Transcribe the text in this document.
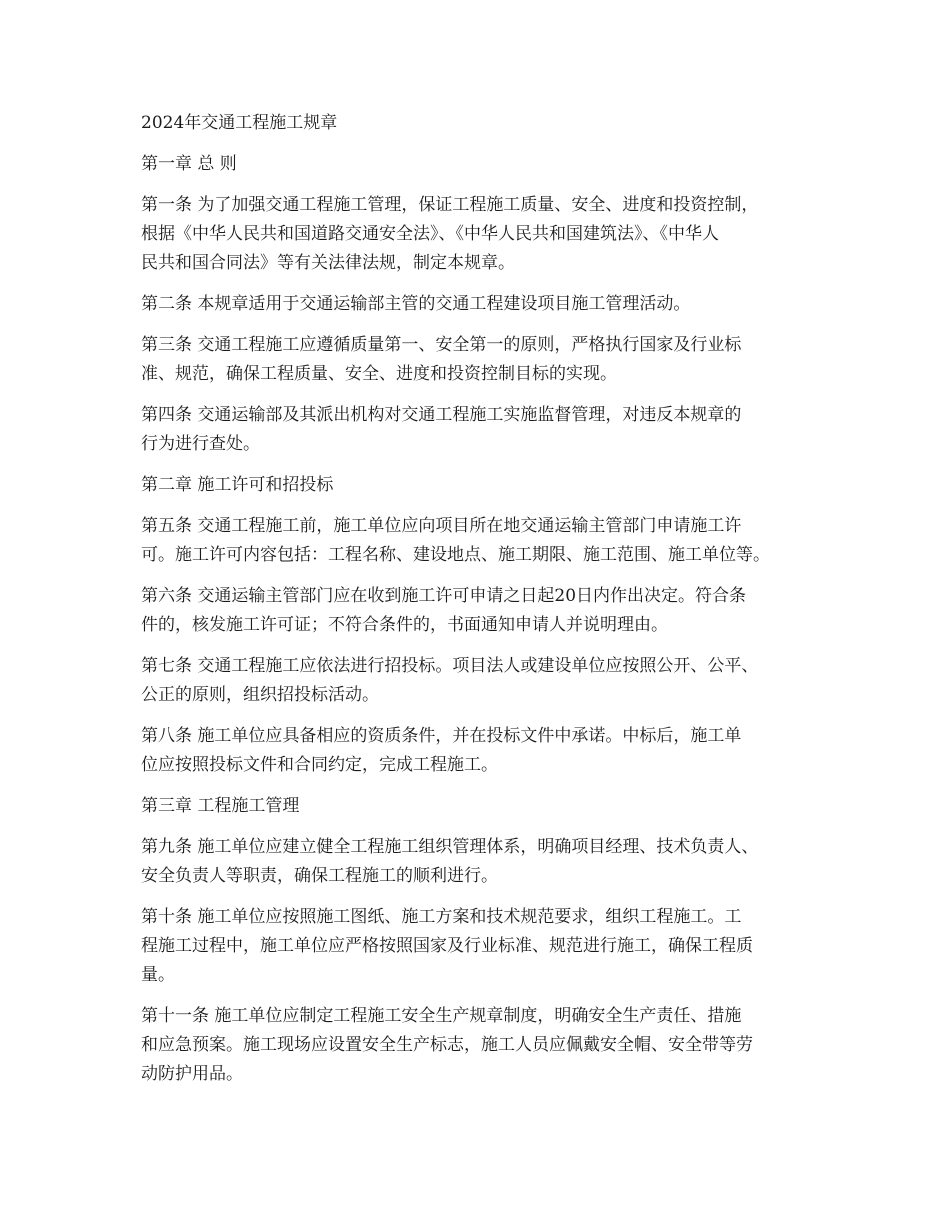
2024年交通工程施工规章

第一章 总 则

第一条 为了加强交通工程施工管理，保证工程施工质量、安全、进度和投资控制，
根据《中华人民共和国道路交通安全法》、《中华人民共和国建筑法》、《中华人
民共和国合同法》等有关法律法规，制定本规章。

第二条 本规章适用于交通运输部主管的交通工程建设项目施工管理活动。

第三条 交通工程施工应遵循质量第一、安全第一的原则，严格执行国家及行业标
准、规范，确保工程质量、安全、进度和投资控制目标的实现。

第四条 交通运输部及其派出机构对交通工程施工实施监督管理，对违反本规章的
行为进行查处。

第二章 施工许可和招投标

第五条 交通工程施工前，施工单位应向项目所在地交通运输主管部门申请施工许
可。施工许可内容包括：工程名称、建设地点、施工期限、施工范围、施工单位等。

第六条 交通运输主管部门应在收到施工许可申请之日起20日内作出决定。符合条
件的，核发施工许可证；不符合条件的，书面通知申请人并说明理由。

第七条 交通工程施工应依法进行招投标。项目法人或建设单位应按照公开、公平、
公正的原则，组织招投标活动。

第八条 施工单位应具备相应的资质条件，并在投标文件中承诺。中标后，施工单
位应按照投标文件和合同约定，完成工程施工。

第三章 工程施工管理

第九条 施工单位应建立健全工程施工组织管理体系，明确项目经理、技术负责人、
安全负责人等职责，确保工程施工的顺利进行。

第十条 施工单位应按照施工图纸、施工方案和技术规范要求，组织工程施工。工
程施工过程中，施工单位应严格按照国家及行业标准、规范进行施工，确保工程质
量。

第十一条 施工单位应制定工程施工安全生产规章制度，明确安全生产责任、措施
和应急预案。施工现场应设置安全生产标志，施工人员应佩戴安全帽、安全带等劳
动防护用品。
